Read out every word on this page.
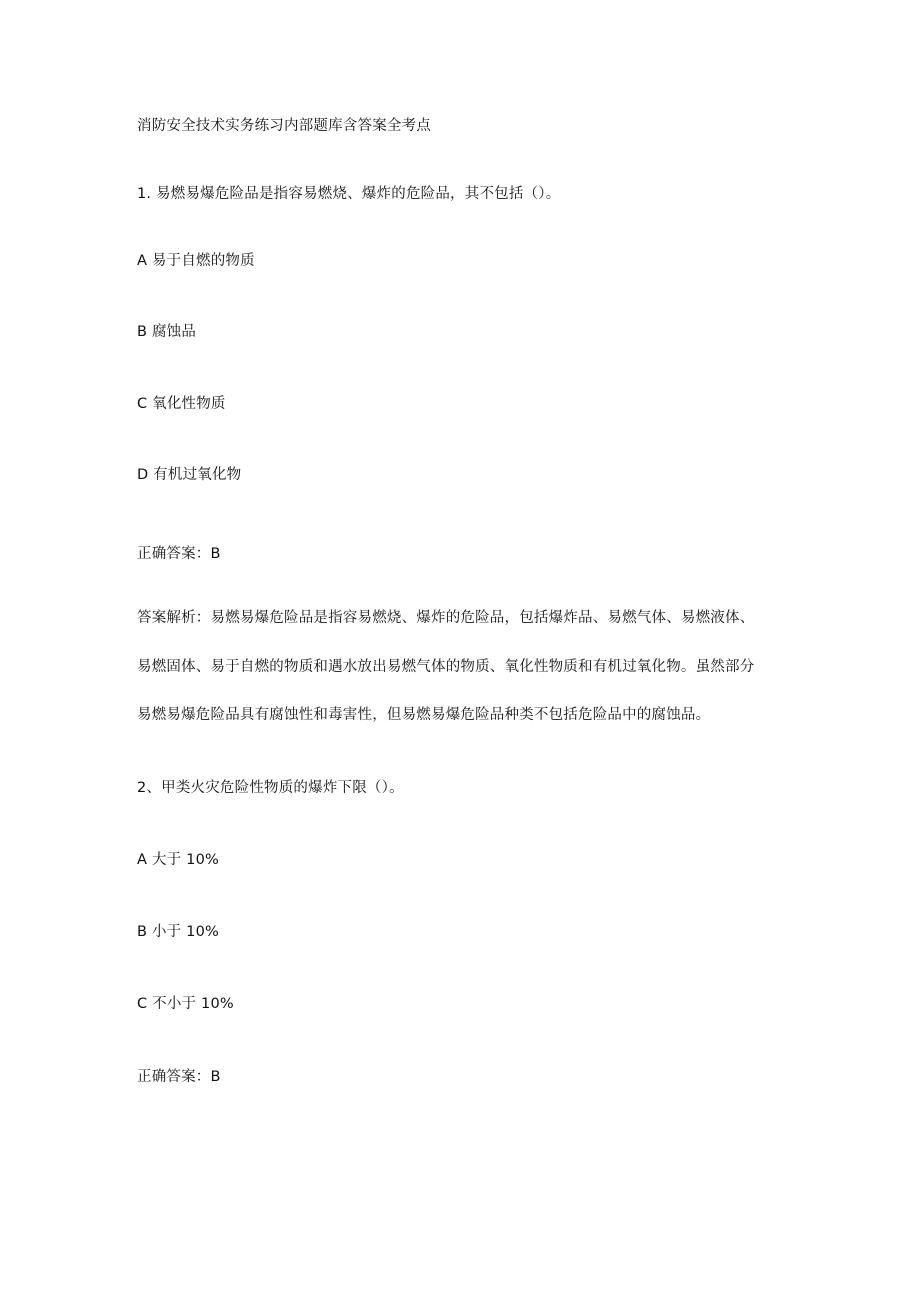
消防安全技术实务练习内部题库含答案全考点
1. 易燃易爆危险品是指容易燃烧、爆炸的危险品，其不包括（）。
A 易于自燃的物质
B 腐蚀品
C 氧化性物质
D 有机过氧化物
正确答案：B
答案解析：易燃易爆危险品是指容易燃烧、爆炸的危险品，包括爆炸品、易燃气体、易燃液体、
易燃固体、易于自燃的物质和遇水放出易燃气体的物质、氧化性物质和有机过氧化物。虽然部分
易燃易爆危险品具有腐蚀性和毒害性，但易燃易爆危险品种类不包括危险品中的腐蚀品。
2、甲类火灾危险性物质的爆炸下限（）。
A 大于 10%
B 小于 10%
C 不小于 10%
正确答案：B
